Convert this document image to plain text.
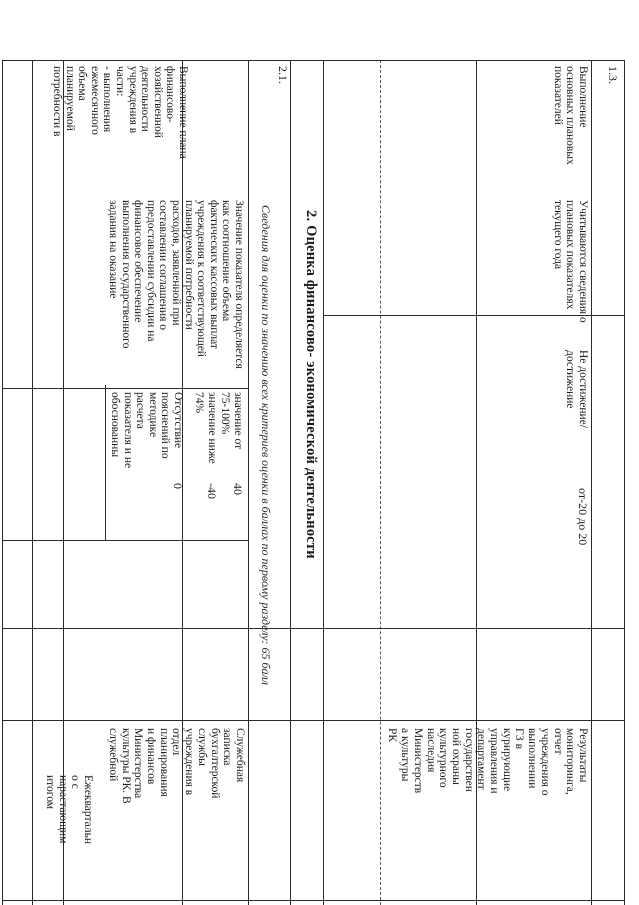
1.3.
Выполнение
основных плановых
показателей
Учитываются сведения о
плановых показателях
текущего года
Не достижение/
достижение
от-20 до 20
Результаты
мониторинга,
отчет
учреждения о
выполнении
ГЗ в
курирующие
управления и
департамент
государствен
ной охраны
культурного
наследия
Министерств
а культуры
РК
Сведения для оценки по значению всех критериев оценки в баллах по первому разделу: 65 балл 2. Оценка финансово- экономической деятельности
2.1.
Выполнение плана
финансово-
хозяйственной
деятельности
учреждения в
части:
- выполнения
ежемесячного
объема
планируемой
потребности в
Значение показателя определяется
как соотношение объема
фактических кассовых выплат
учреждения к соответствующей
планируемой потребности
расходов, заявленной при
составлении соглашения о
предоставлении субсидии на
финансовое обеспечение
выполнения государственного
задания на оказание
значение от
75-100%
значение ниже
74%
Отсутствие
пояснений по
методике
расчета
показателя и не
обоснованны
40
-40
0
Служебная
записка
бухгалтерской
службы
учреждения в
отдел
планирования
и финансов
Министерства
культуры РК. В
служебной
Ежеквартальн
о с
нарастающим
итогом
